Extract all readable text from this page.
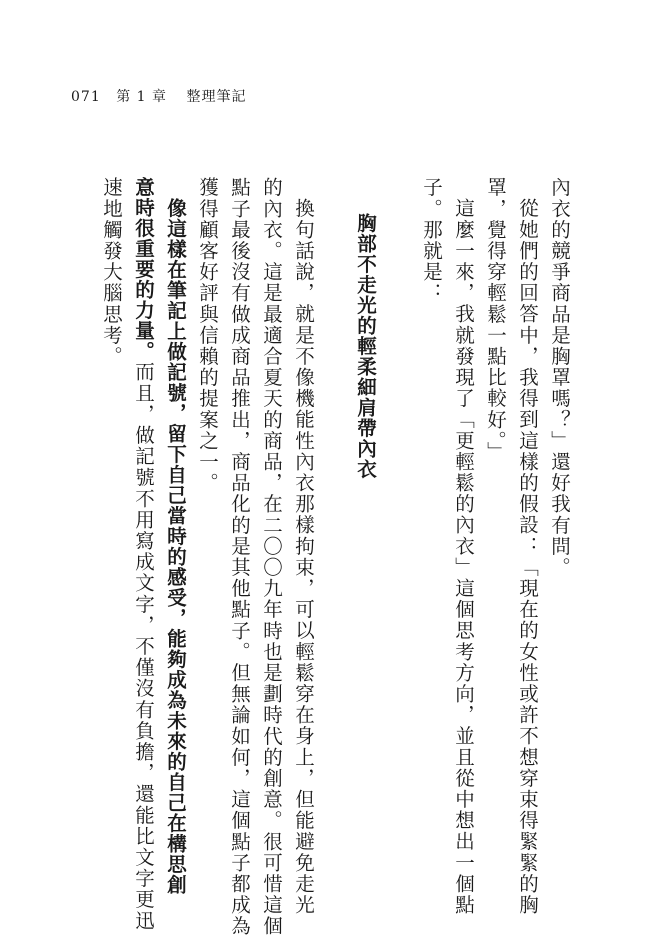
071 第 1 章 整理筆記
內衣的競爭商品是胸罩嗎？」還好我有問。
從她們的回答中，我得到這樣的假設：「現在的女性或許不想穿束得緊緊的胸
罩，覺得穿輕鬆一點比較好。」
這麼一來，我就發現了「更輕鬆的內衣」這個思考方向，並且從中想出一個點
子。那就是：
胸部不走光的輕柔細肩帶內衣
換句話說，就是不像機能性內衣那樣拘束，可以輕鬆穿在身上，但能避免走光
的內衣。這是最適合夏天的商品，在二〇〇九年時也是劃時代的創意。很可惜這個
點子最後沒有做成商品推出，商品化的是其他點子。但無論如何，這個點子都成為
獲得顧客好評與信賴的提案之一。
像這樣在筆記上做記號，留下自己當時的感受，能夠成為未來的自己在構思創
意時很重要的力量。而且，做記號不用寫成文字，不僅沒有負擔，還能比文字更迅
速地觸發大腦思考。
